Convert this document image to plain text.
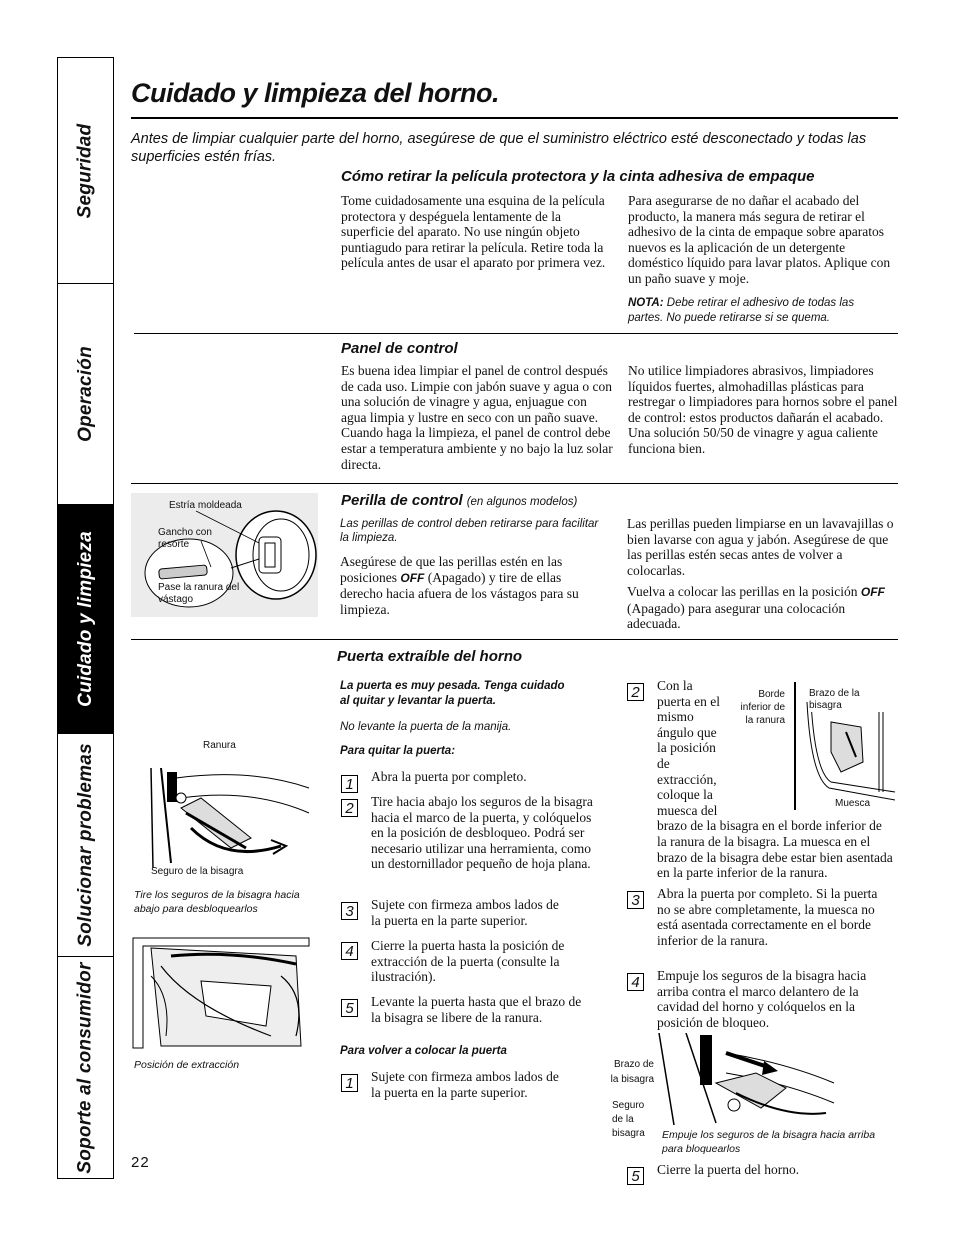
Seguridad
Operación
Cuidado y limpieza
Solucionar problemas
Soporte al consumidor
Cuidado y limpieza del horno.
Antes de limpiar cualquier parte del horno, asegúrese de que el suministro eléctrico esté desconectado y todas las superficies estén frías.
Cómo retirar la película protectora y la cinta adhesiva de empaque
Tome cuidadosamente una esquina de la película protectora y despéguela lentamente de la superficie del aparato. No use ningún objeto puntiagudo para retirar la película. Retire toda la película antes de usar el aparato por primera vez.
Para asegurarse de no dañar el acabado del producto, la manera más segura de retirar el adhesivo de la cinta de empaque sobre aparatos nuevos es la aplicación de un detergente doméstico líquido para lavar platos. Aplique con un paño suave y moje.
NOTA: Debe retirar el adhesivo de todas las partes. No puede retirarse si se quema.
Panel de control
Es buena idea limpiar el panel de control después de cada uso. Limpie con jabón suave y agua o con una solución de vinagre y agua, enjuague con agua limpia y lustre en seco con un paño suave. Cuando haga la limpieza, el panel de control debe estar a temperatura ambiente y no bajo la luz solar directa.
No utilice limpiadores abrasivos, limpiadores líquidos fuertes, almohadillas plásticas para restregar o limpiadores para hornos sobre el panel de control: estos productos dañarán el acabado. Una solución 50/50 de vinagre y agua caliente funciona bien.
Estría moldeada
Gancho con resorte
Pase la ranura del vástago
Perilla de control (en algunos modelos)
Las perillas de control deben retirarse para facilitar la limpieza.
Asegúrese de que las perillas estén en las posiciones OFF (Apagado) y tire de ellas derecho hacia afuera de los vástagos para su limpieza.
Las perillas pueden limpiarse en un lavavajillas o bien lavarse con agua y jabón. Asegúrese de que las perillas estén secas antes de volver a colocarlas.
Vuelva a colocar las perillas en la posición OFF (Apagado) para asegurar una colocación adecuada.
Puerta extraíble del horno
La puerta es muy pesada. Tenga cuidado al quitar y levantar la puerta.
No levante la puerta de la manija.
Para quitar la puerta:
1	Abra la puerta por completo.
2	Tire hacia abajo los seguros de la bisagra hacia el marco de la puerta, y colóquelos en la posición de desbloqueo. Podrá ser necesario utilizar una herramienta, como un destornillador pequeño de hoja plana.
3	Sujete con firmeza ambos lados de la puerta en la parte superior.
4	Cierre la puerta hasta la posición de extracción de la puerta (consulte la ilustración).
5	Levante la puerta hasta que el brazo de la bisagra se libere de la ranura.
Para volver a colocar la puerta
1	Sujete con firmeza ambos lados de la puerta en la parte superior.
2	Con la puerta en el mismo ángulo que la posición de extracción, coloque la muesca del brazo de la bisagra en el borde inferior de la ranura de la bisagra. La muesca en el brazo de la bisagra debe estar bien asentada en la parte inferior de la ranura.
3	Abra la puerta por completo. Si la puerta no se abre completamente, la muesca no está asentada correctamente en el borde inferior de la ranura.
4	Empuje los seguros de la bisagra hacia arriba contra el marco delantero de la cavidad del horno y colóquelos en la posición de bloqueo.
5	Cierre la puerta del horno.
Ranura
Seguro de la bisagra
Tire los seguros de la bisagra hacia abajo para desbloquearlos
Posición de extracción
Borde inferior de la ranura
Brazo de la bisagra
Muesca
Brazo de la bisagra
Seguro de la bisagra Empuje los seguros de la bisagra hacia arriba para bloquearlos
22
